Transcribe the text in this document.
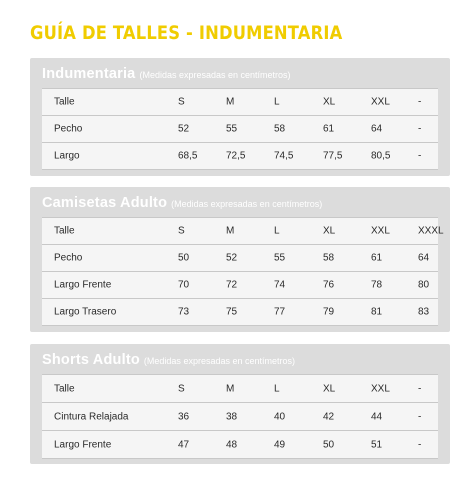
GUÍA DE TALLES - INDUMENTARIA
Indumentaria (Medidas expresadas en centímetros)
Talle	S	M	L	XL	XXL	-
Pecho	52	55	58	61	64	-
Largo	68,5	72,5	74,5	77,5	80,5	-
Camisetas Adulto (Medidas expresadas en centímetros)
Talle	S	M	L	XL	XXL	XXXL
Pecho	50	52	55	58	61	64
Largo Frente	70	72	74	76	78	80
Largo Trasero	73	75	77	79	81	83
Shorts Adulto (Medidas expresadas en centímetros)
Talle	S	M	L	XL	XXL	-
Cintura Relajada	36	38	40	42	44	-
Largo Frente	47	48	49	50	51	-
